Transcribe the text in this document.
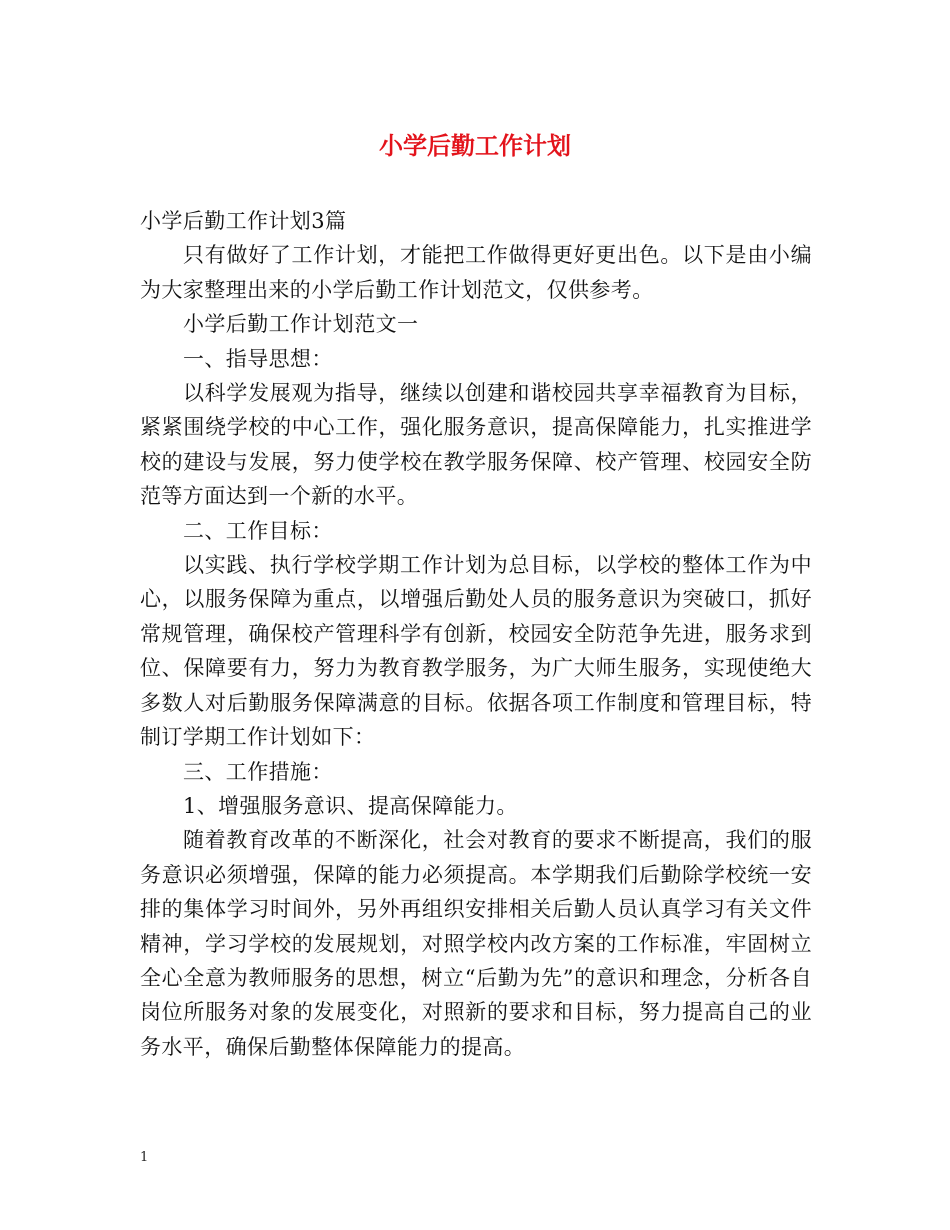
小学后勤工作计划

小学后勤工作计划3篇

只有做好了工作计划，才能把工作做得更好更出色。以下是由小编为大家整理出来的小学后勤工作计划范文，仅供参考。

小学后勤工作计划范文一

一、指导思想：

以科学发展观为指导，继续以创建和谐校园共享幸福教育为目标，紧紧围绕学校的中心工作，强化服务意识，提高保障能力，扎实推进学校的建设与发展，努力使学校在教学服务保障、校产管理、校园安全防范等方面达到一个新的水平。

二、工作目标：

以实践、执行学校学期工作计划为总目标，以学校的整体工作为中心，以服务保障为重点，以增强后勤处人员的服务意识为突破口，抓好常规管理，确保校产管理科学有创新，校园安全防范争先进，服务求到位、保障要有力，努力为教育教学服务，为广大师生服务，实现使绝大多数人对后勤服务保障满意的目标。依据各项工作制度和管理目标，特制订学期工作计划如下：

三、工作措施：

1、增强服务意识、提高保障能力。

随着教育改革的不断深化，社会对教育的要求不断提高，我们的服务意识必须增强，保障的能力必须提高。本学期我们后勤除学校统一安排的集体学习时间外，另外再组织安排相关后勤人员认真学习有关文件精神，学习学校的发展规划，对照学校内改方案的工作标准，牢固树立全心全意为教师服务的思想，树立“后勤为先”的意识和理念，分析各自岗位所服务对象的发展变化，对照新的要求和目标，努力提高自己的业务水平，确保后勤整体保障能力的提高。

1
